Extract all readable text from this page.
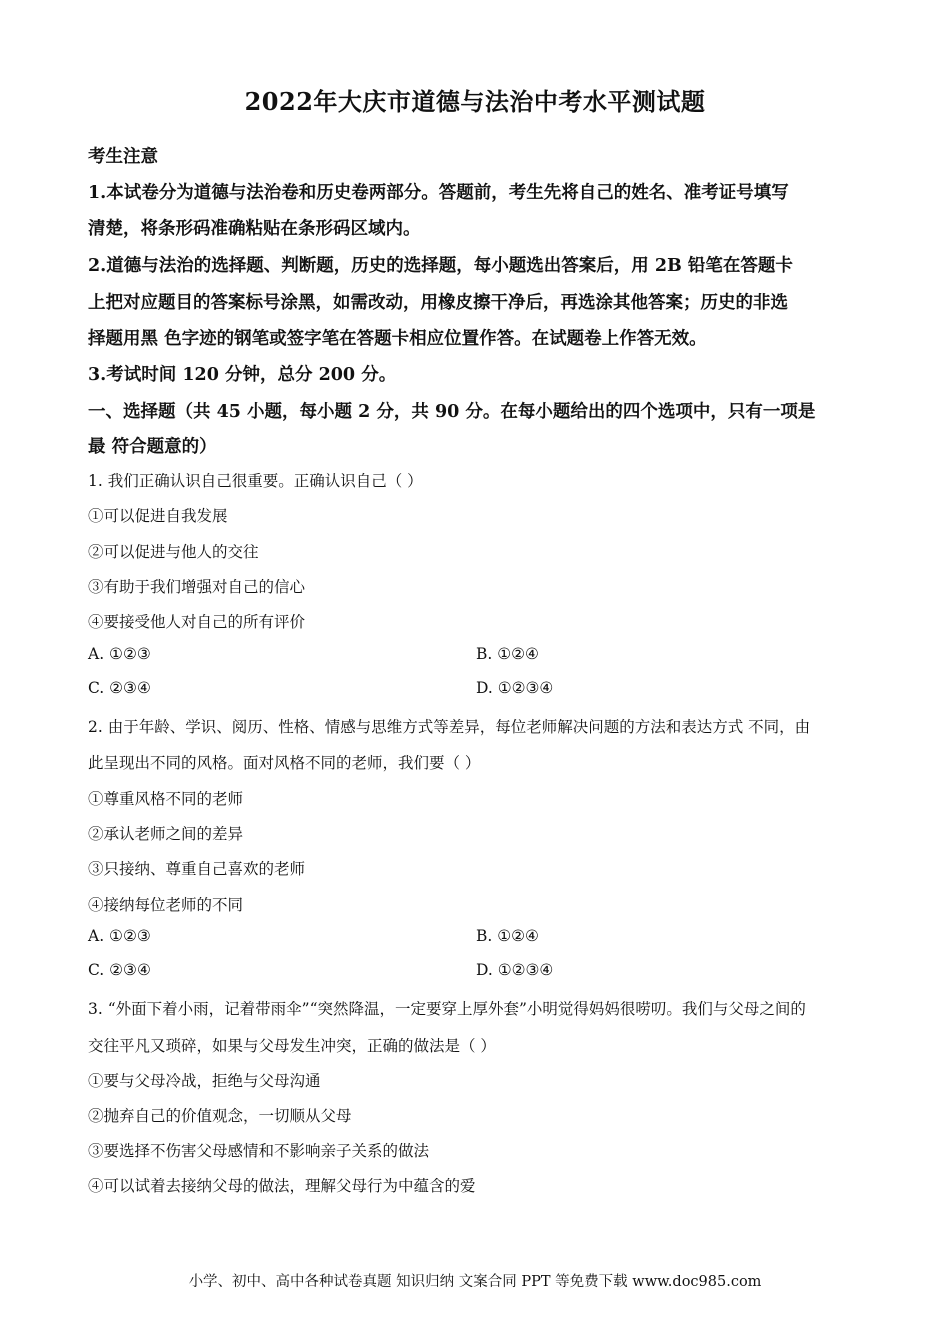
2022年大庆市道德与法治中考水平测试题
考生注意
1.本试卷分为道德与法治卷和历史卷两部分。答题前，考生先将自己的姓名、准考证号填写
清楚，将条形码准确粘贴在条形码区域内。
2.道德与法治的选择题、判断题，历史的选择题，每小题选出答案后，用 2B 铅笔在答题卡
上把对应题目的答案标号涂黑，如需改动，用橡皮擦干净后，再选涂其他答案；历史的非选
择题用黑 色字迹的钢笔或签字笔在答题卡相应位置作答。在试题卷上作答无效。
3.考试时间 120 分钟，总分 200 分。
一、选择题（共 45 小题，每小题 2 分，共 90 分。在每小题给出的四个选项中，只有一项是
最 符合题意的）
1. 我们正确认识自己很重要。正确认识自己（ ）
①可以促进自我发展
②可以促进与他人的交往
③有助于我们增强对自己的信心
④要接受他人对自己的所有评价
A. ①②③	B. ①②④
C. ②③④	D. ①②③④
2. 由于年龄、学识、阅历、性格、情感与思维方式等差异，每位老师解决问题的方法和表达方式 不同，由
此呈现出不同的风格。面对风格不同的老师，我们要（ ）
①尊重风格不同的老师
②承认老师之间的差异
③只接纳、尊重自己喜欢的老师
④接纳每位老师的不同
A. ①②③	B. ①②④
C. ②③④	D. ①②③④
3. “外面下着小雨，记着带雨伞”“突然降温，一定要穿上厚外套”小明觉得妈妈很唠叨。我们与父母之间的
交往平凡又琐碎，如果与父母发生冲突，正确的做法是（ ）
①要与父母冷战，拒绝与父母沟通
②抛弃自己的价值观念，一切顺从父母
③要选择不伤害父母感情和不影响亲子关系的做法
④可以试着去接纳父母的做法，理解父母行为中蕴含的爱
小学、初中、高中各种试卷真题 知识归纳 文案合同 PPT 等免费下载 www.doc985.com
